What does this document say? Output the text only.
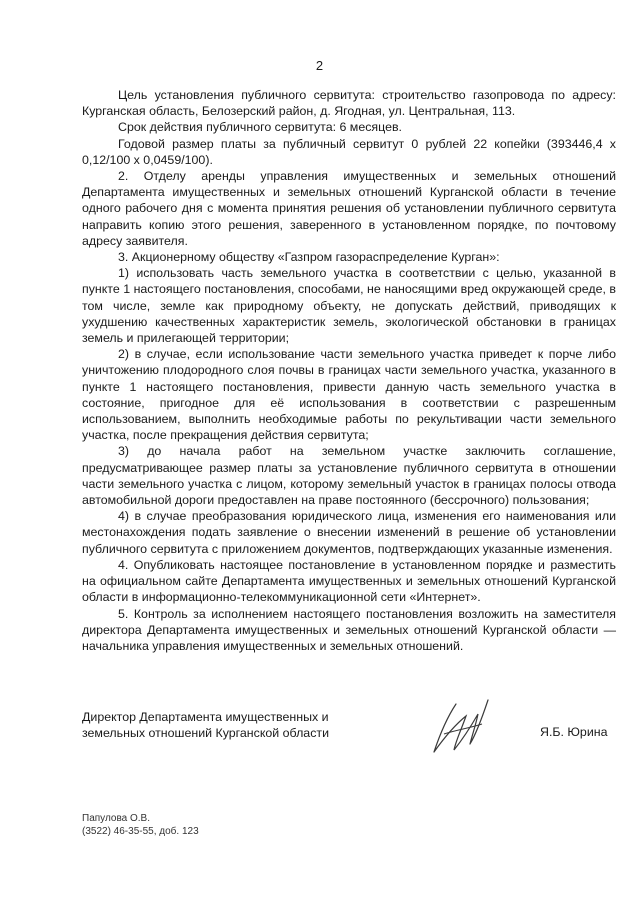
2

Цель установления публичного сервитута: строительство газопровода по адресу: Курганская область, Белозерский район, д. Ягодная, ул. Центральная, 113.

Срок действия публичного сервитута: 6 месяцев.

Годовой размер платы за публичный сервитут 0 рублей 22 копейки (393446,4 х 0,12/100 х 0,0459/100).

2. Отделу аренды управления имущественных и земельных отношений Департамента имущественных и земельных отношений Курганской области в течение одного рабочего дня с момента принятия решения об установлении публичного сервитута направить копию этого решения, заверенного в установленном порядке, по почтовому адресу заявителя.

3. Акционерному обществу «Газпром газораспределение Курган»:

1) использовать часть земельного участка в соответствии с целью, указанной в пункте 1 настоящего постановления, способами, не наносящими вред окружающей среде, в том числе, земле как природному объекту, не допускать действий, приводящих к ухудшению качественных характеристик земель, экологической обстановки в границах земель и прилегающей территории;

2) в случае, если использование части земельного участка приведет к порче либо уничтожению плодородного слоя почвы в границах части земельного участка, указанного в пункте 1 настоящего постановления, привести данную часть земельного участка в состояние, пригодное для её использования в соответствии с разрешенным использованием, выполнить необходимые работы по рекультивации части земельного участка, после прекращения действия сервитута;

3) до начала работ на земельном участке заключить соглашение, предусматривающее размер платы за установление публичного сервитута в отношении части земельного участка с лицом, которому земельный участок в границах полосы отвода автомобильной дороги предоставлен на праве постоянного (бессрочного) пользования;

4) в случае преобразования юридического лица, изменения его наименования или местонахождения подать заявление о внесении изменений в решение об установлении публичного сервитута с приложением документов, подтверждающих указанные изменения.

4. Опубликовать настоящее постановление в установленном порядке и разместить на официальном сайте Департамента имущественных и земельных отношений Курганской области в информационно-телекоммуникационной сети «Интернет».

5. Контроль за исполнением настоящего постановления возложить на заместителя директора Департамента имущественных и земельных отношений Курганской области — начальника управления имущественных и земельных отношений.

Директор Департамента имущественных и
земельных отношений Курганской области	Я.Б. Юрина
Папулова О.В.
(3522) 46-35-55, доб. 123
